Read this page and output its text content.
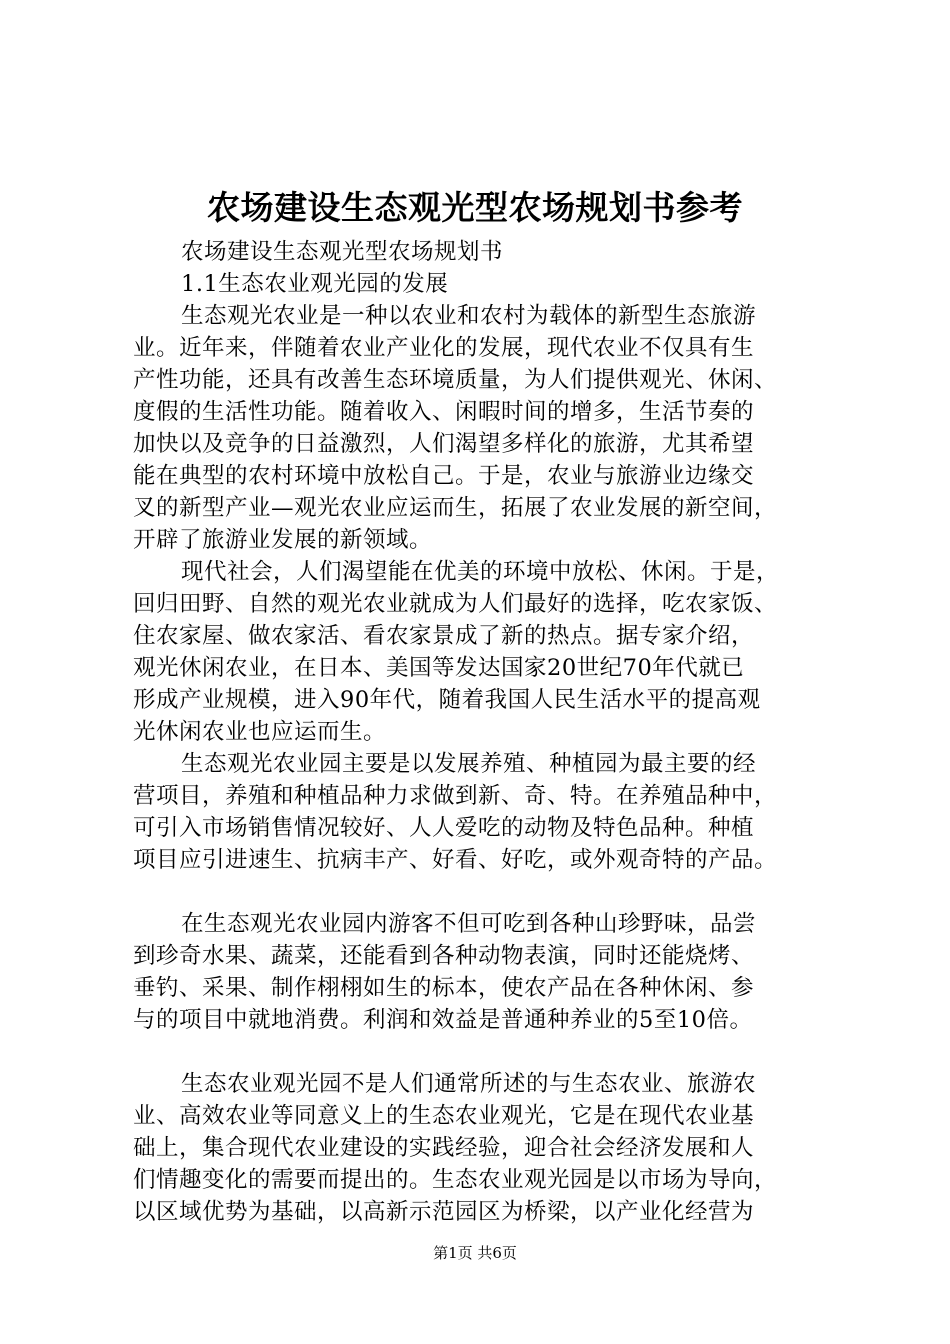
农场建设生态观光型农场规划书参考
农场建设生态观光型农场规划书
1.1生态农业观光园的发展
生态观光农业是一种以农业和农村为载体的新型生态旅游
业。近年来，伴随着农业产业化的发展，现代农业不仅具有生
产性功能，还具有改善生态环境质量，为人们提供观光、休闲、
度假的生活性功能。随着收入、闲暇时间的增多，生活节奏的
加快以及竞争的日益激烈，人们渴望多样化的旅游，尤其希望
能在典型的农村环境中放松自己。于是，农业与旅游业边缘交
叉的新型产业—观光农业应运而生，拓展了农业发展的新空间，
开辟了旅游业发展的新领域。
现代社会，人们渴望能在优美的环境中放松、休闲。于是，
回归田野、自然的观光农业就成为人们最好的选择，吃农家饭、
住农家屋、做农家活、看农家景成了新的热点。据专家介绍，
观光休闲农业，在日本、美国等发达国家20世纪70年代就已
形成产业规模，进入90年代，随着我国人民生活水平的提高观
光休闲农业也应运而生。
生态观光农业园主要是以发展养殖、种植园为最主要的经
营项目，养殖和种植品种力求做到新、奇、特。在养殖品种中，
可引入市场销售情况较好、人人爱吃的动物及特色品种。种植
项目应引进速生、抗病丰产、好看、好吃，或外观奇特的产品。
在生态观光农业园内游客不但可吃到各种山珍野味，品尝
到珍奇水果、蔬菜，还能看到各种动物表演，同时还能烧烤、
垂钓、采果、制作栩栩如生的标本，使农产品在各种休闲、参
与的项目中就地消费。利润和效益是普通种养业的5至10倍。
生态农业观光园不是人们通常所述的与生态农业、旅游农
业、高效农业等同意义上的生态农业观光，它是在现代农业基
础上，集合现代农业建设的实践经验，迎合社会经济发展和人
们情趣变化的需要而提出的。生态农业观光园是以市场为导向，
以区域优势为基础，以高新示范园区为桥梁，以产业化经营为
第1页 共6页
